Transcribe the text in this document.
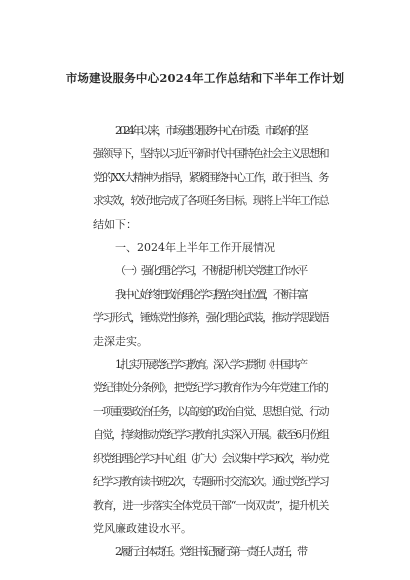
市场建设服务中心2024年工作总结和下半年工作计划
2024年以来，市场建设服务中心在市委、市政府的坚
强领导下，坚持以习近平新时代中国特色社会主义思想和
党的XX大精神为指导，紧紧围绕中心工作，敢于担当、务
求实效，较好地完成了各项任务目标。现将上半年工作总
结如下：
一、2024年上半年工作开展情况
（一）强化理论学习，不断提升机关党建工作水平
我中心始终把政治理论学习摆在突出位置，不断丰富
学习形式，锤炼党性修养，强化理论武装，推动学思践悟
走深走实。
1.扎实开展党纪学习教育。深入学习贯彻《中国共产
党纪律处分条例》，把党纪学习教育作为今年党建工作的
一项重要政治任务，以高度的政治自觉、思想自觉、行动
自觉，持续推动党纪学习教育扎实深入开展。截至6月份组
织党组理论学习中心组（扩大）会议集中学习6次，举办党
纪学习教育读书班2次，专题研讨交流3次。通过党纪学习
教育，进一步落实全体党员干部“一岗双责”，提升机关
党风廉政建设水平。
2.履行主体责任。党组书记履行第一责任人责任，带
